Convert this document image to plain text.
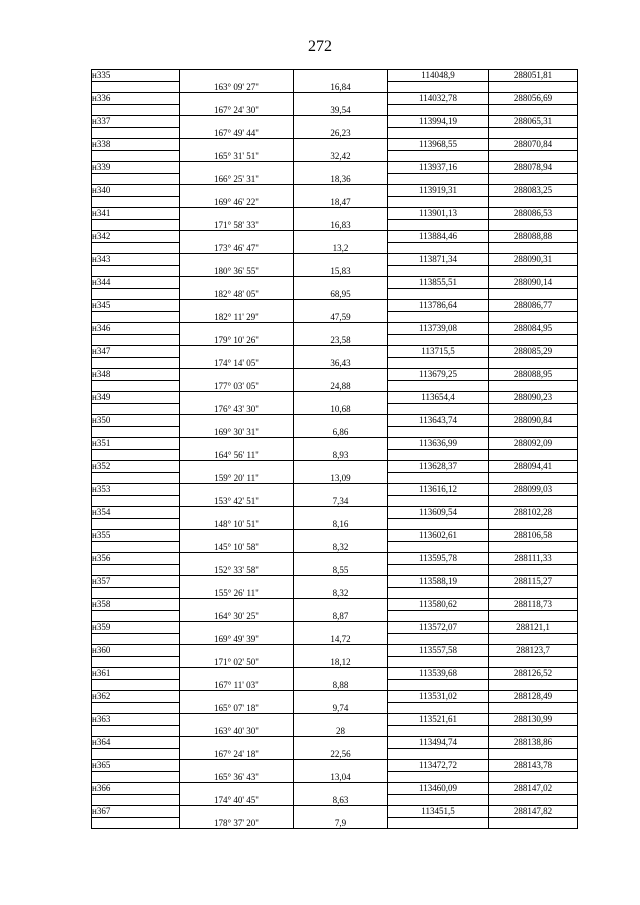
272
н335			114048,9	288051,81
	163° 09' 27"	16,84		
н336			114032,78	288056,69
	167° 24' 30"	39,54		
н337			113994,19	288065,31
	167° 49' 44"	26,23		
н338			113968,55	288070,84
	165° 31' 51"	32,42		
н339			113937,16	288078,94
	166° 25' 31"	18,36		
н340			113919,31	288083,25
	169° 46' 22"	18,47		
н341			113901,13	288086,53
	171° 58' 33"	16,83		
н342			113884,46	288088,88
	173° 46' 47"	13,2		
н343			113871,34	288090,31
	180° 36' 55"	15,83		
н344			113855,51	288090,14
	182° 48' 05"	68,95		
н345			113786,64	288086,77
	182° 11' 29"	47,59		
н346			113739,08	288084,95
	179° 10' 26"	23,58		
н347			113715,5	288085,29
	174° 14' 05"	36,43		
н348			113679,25	288088,95
	177° 03' 05"	24,88		
н349			113654,4	288090,23
	176° 43' 30"	10,68		
н350			113643,74	288090,84
	169° 30' 31"	6,86		
н351			113636,99	288092,09
	164° 56' 11"	8,93		
н352			113628,37	288094,41
	159° 20' 11"	13,09		
н353			113616,12	288099,03
	153° 42' 51"	7,34		
н354			113609,54	288102,28
	148° 10' 51"	8,16		
н355			113602,61	288106,58
	145° 10' 58"	8,32		
н356			113595,78	288111,33
	152° 33' 58"	8,55		
н357			113588,19	288115,27
	155° 26' 11"	8,32		
н358			113580,62	288118,73
	164° 30' 25"	8,87		
н359			113572,07	288121,1
	169° 49' 39"	14,72		
н360			113557,58	288123,7
	171° 02' 50"	18,12		
н361			113539,68	288126,52
	167° 11' 03"	8,88		
н362			113531,02	288128,49
	165° 07' 18"	9,74		
н363			113521,61	288130,99
	163° 40' 30"	28		
н364			113494,74	288138,86
	167° 24' 18"	22,56		
н365			113472,72	288143,78
	165° 36' 43"	13,04		
н366			113460,09	288147,02
	174° 40' 45"	8,63		
н367			113451,5	288147,82
	178° 37' 20"	7,9		
